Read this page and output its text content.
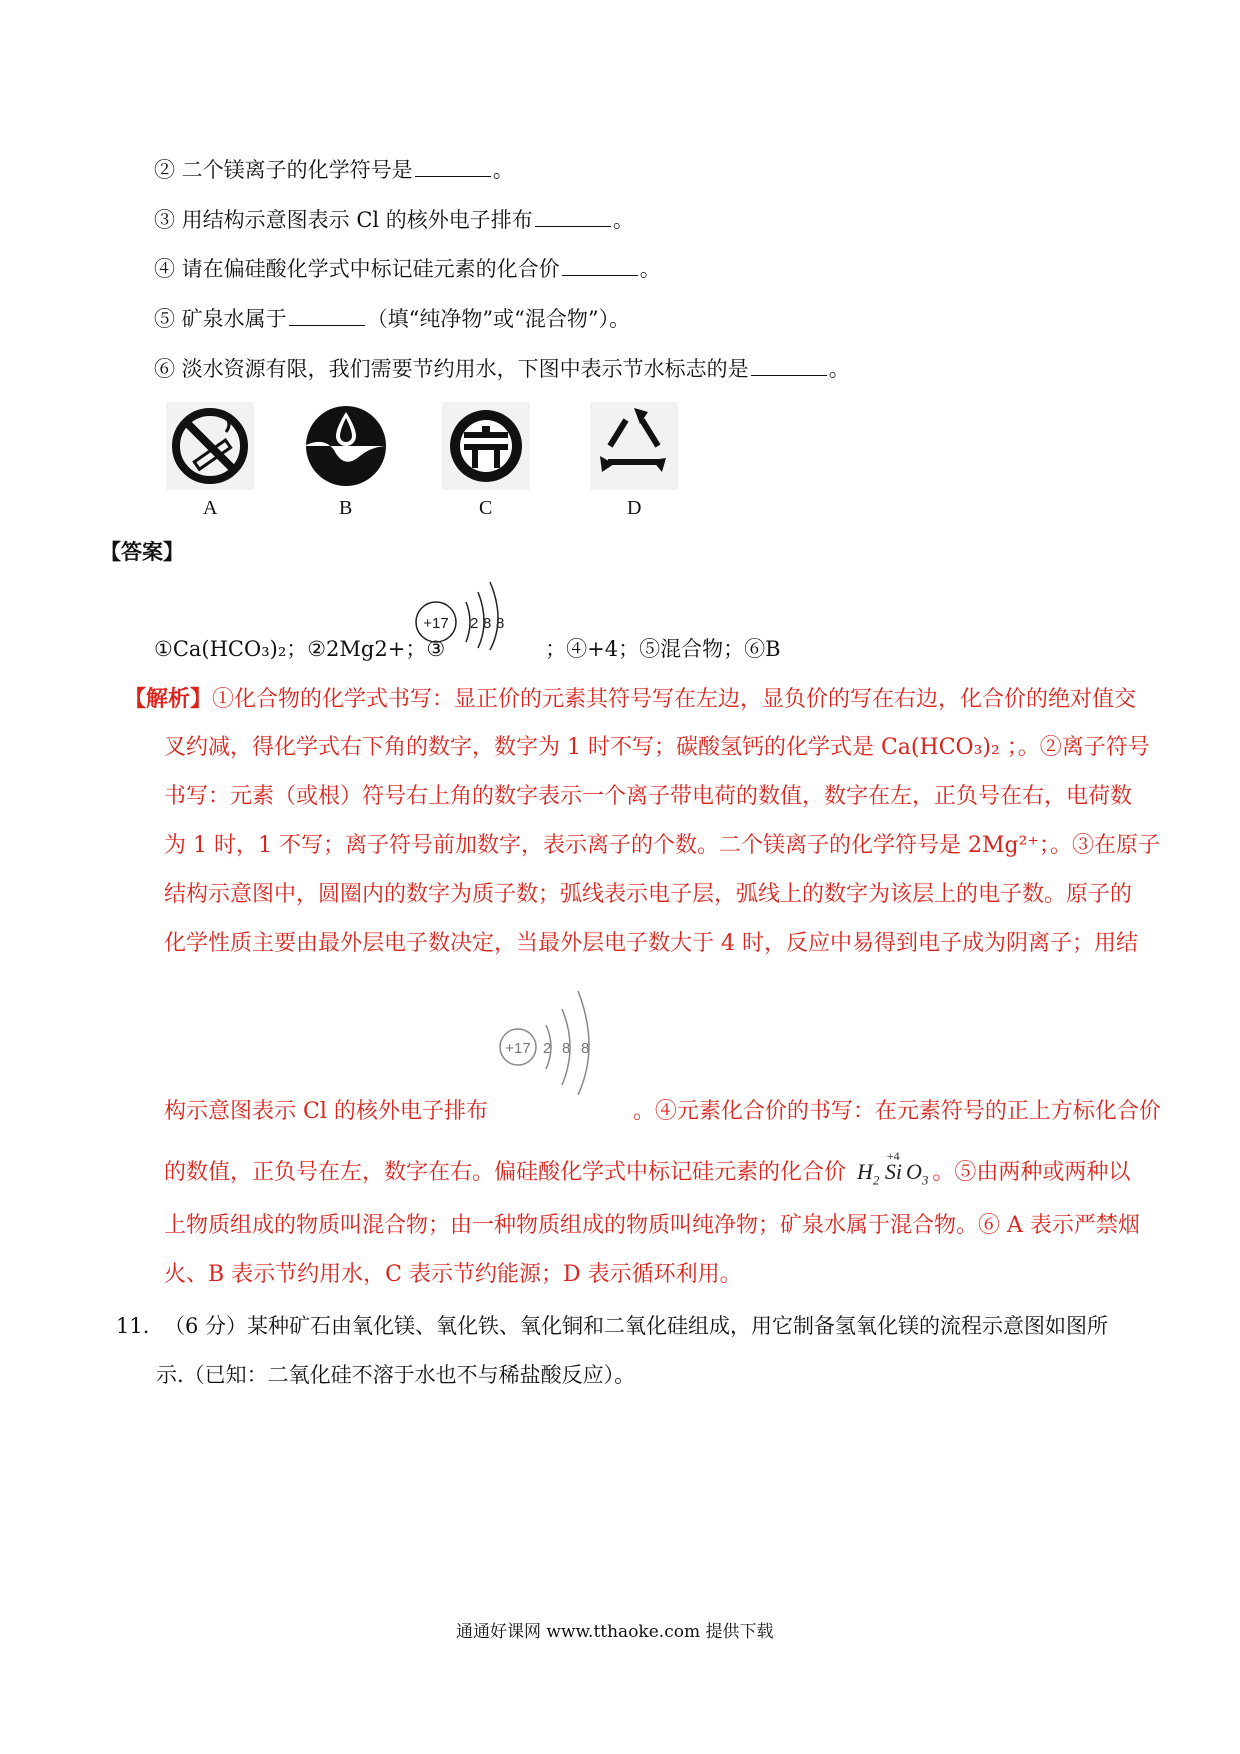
② 二个镁离子的化学符号是	。
③ 用结构示意图表示 Cl 的核外电子排布	。
④ 请在偏硅酸化学式中标记硅元素的化合价	。
⑤ 矿泉水属于	（填“纯净物”或“混合物”）。
⑥ 淡水资源有限，我们需要节约用水，下图中表示节水标志的是	。
A	B	C	D
【答案】
①Ca(HCO₃)₂；②2Mg2+；③	；④+4；⑤混合物；⑥B
+17 2 8 8
【解析】①化合物的化学式书写：显正价的元素其符号写在左边，显负价的写在右边，化合价的绝对值交
叉约减，得化学式右下角的数字，数字为 1 时不写；碳酸氢钙的化学式是 Ca(HCO₃)₂ ；。②离子符号
书写：元素（或根）符号右上角的数字表示一个离子带电荷的数值，数字在左，正负号在右，电荷数
为 1 时，1 不写；离子符号前加数字，表示离子的个数。二个镁离子的化学符号是 2Mg²⁺；。③在原子
结构示意图中，圆圈内的数字为质子数；弧线表示电子层，弧线上的数字为该层上的电子数。原子的
化学性质主要由最外层电子数决定，当最外层电子数大于 4 时，反应中易得到电子成为阴离子；用结
+17 2 8 8
构示意图表示 Cl 的核外电子排布	。④元素化合价的书写：在元素符号的正上方标化合价
的数值，正负号在左，数字在右。偏硅酸化学式中标记硅元素的化合价 $H_2$
+4
Si $O_3$ 。⑤由两种或两种以
上物质组成的物质叫混合物；由一种物质组成的物质叫纯净物；矿泉水属于混合物。⑥ A 表示严禁烟
火、B 表示节约用水，C 表示节约能源；D 表示循环利用。
11. （6 分）某种矿石由氧化镁、氧化铁、氧化铜和二氧化硅组成，用它制备氢氧化镁的流程示意图如图所
示.（已知：二氧化硅不溶于水也不与稀盐酸反应）。
通通好课网 www.tthaoke.com 提供下载
